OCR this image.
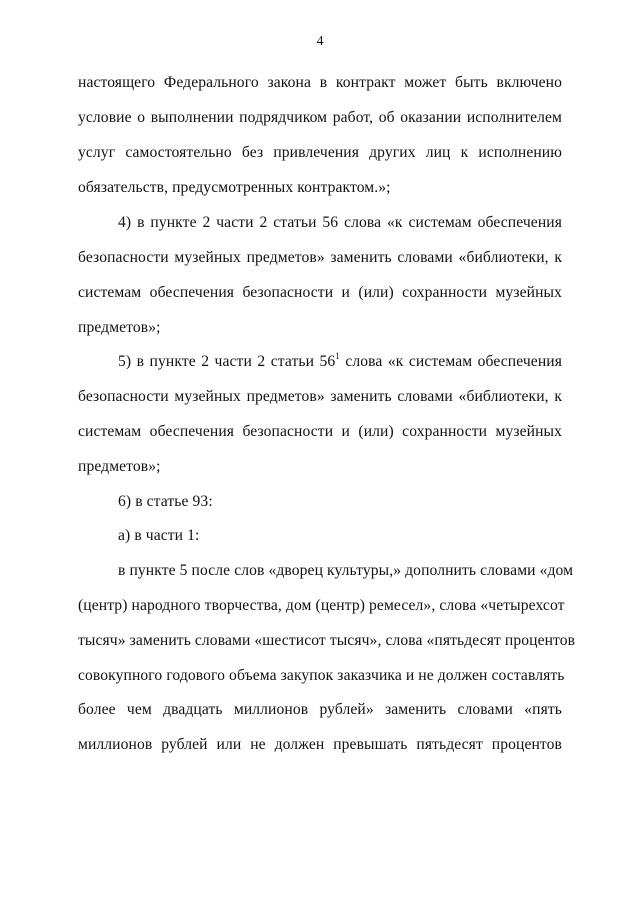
4
настоящего Федерального закона в контракт может быть включено
условие о выполнении подрядчиком работ, об оказании исполнителем
услуг самостоятельно без привлечения других лиц к исполнению
обязательств, предусмотренных контрактом.»;
4) в пункте 2 части 2 статьи 56 слова «к системам обеспечения
безопасности музейных предметов» заменить словами «библиотеки, к
системам обеспечения безопасности и (или) сохранности музейных
предметов»;
5) в пункте 2 части 2 статьи $56^1$ слова «к системам обеспечения
безопасности музейных предметов» заменить словами «библиотеки, к
системам обеспечения безопасности и (или) сохранности музейных
предметов»;
6) в статье 93:
а) в части 1:
в пункте 5 после слов «дворец культуры,» дополнить словами «дом
(центр) народного творчества, дом (центр) ремесел», слова «четырехсот
тысяч» заменить словами «шестисот тысяч», слова «пятьдесят процентов
совокупного годового объема закупок заказчика и не должен составлять
более чем двадцать миллионов рублей» заменить словами «пять
миллионов рублей или не должен превышать пятьдесят процентов
